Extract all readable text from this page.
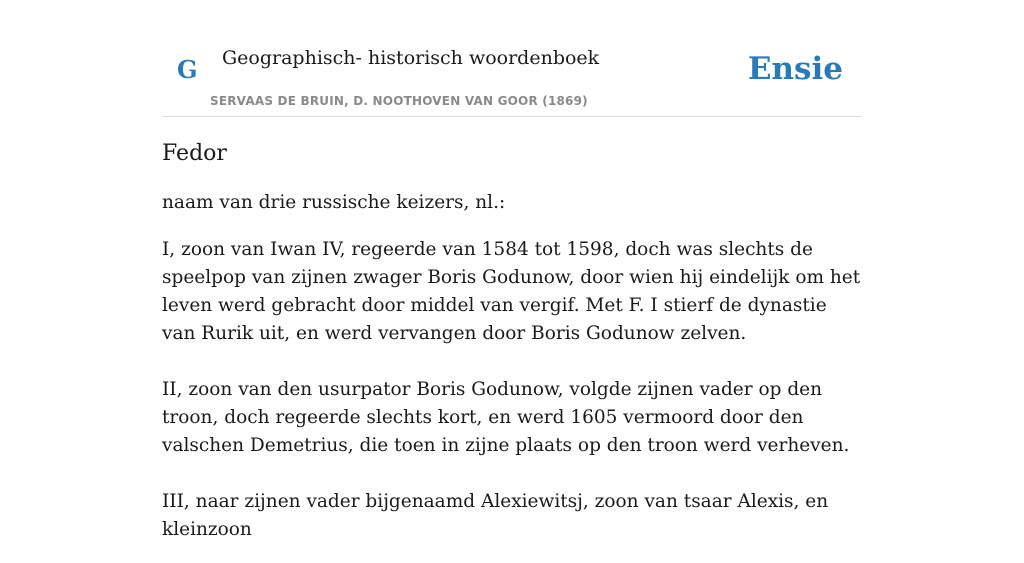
G Geographisch- historisch woordenboek
SERVAAS DE BRUIN, D. NOOTHOVEN VAN GOOR (1869)
Ensie
Fedor

naam van drie russische keizers, nl.:

I, zoon van Iwan IV, regeerde van 1584 tot 1598, doch was slechts de speelpop van zijnen zwager Boris Godunow, door wien hij eindelijk om het leven werd gebracht door middel van vergif. Met F. I stierf de dynastie van Rurik uit, en werd vervangen door Boris Godunow zelven.

II, zoon van den usurpator Boris Godunow, volgde zijnen vader op den troon, doch regeerde slechts kort, en werd 1605 vermoord door den valschen Demetrius, die toen in zijne plaats op den troon werd verheven.

III, naar zijnen vader bijgenaamd Alexiewitsj, zoon van tsaar Alexis, en kleinzoon
